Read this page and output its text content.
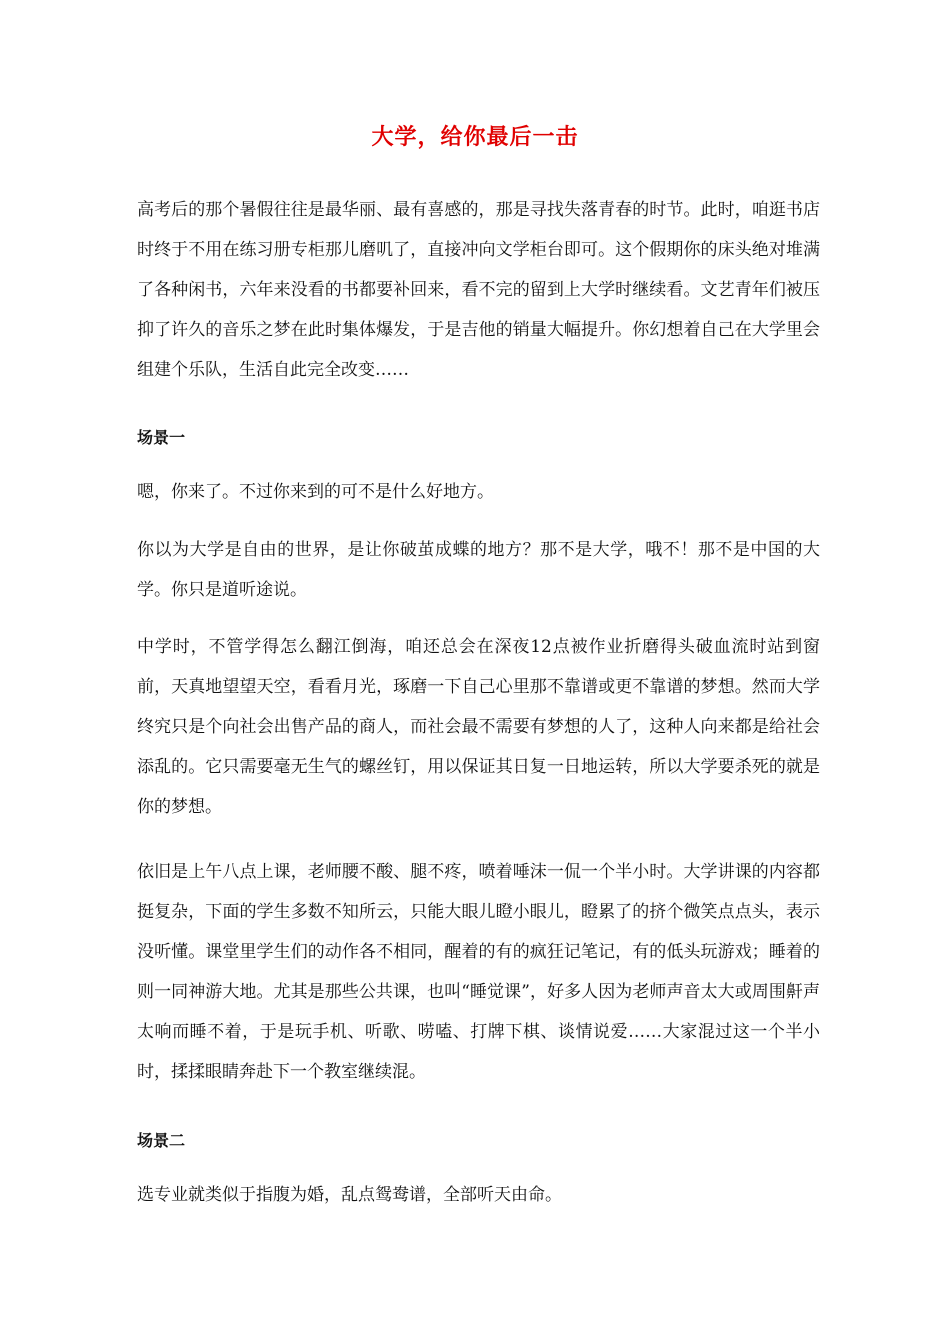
大学，给你最后一击

高考后的那个暑假往往是最华丽、最有喜感的，那是寻找失落青春的时节。此时，咱逛书店时终于不用在练习册专柜那儿磨叽了，直接冲向文学柜台即可。这个假期你的床头绝对堆满了各种闲书，六年来没看的书都要补回来，看不完的留到上大学时继续看。文艺青年们被压抑了许久的音乐之梦在此时集体爆发，于是吉他的销量大幅提升。你幻想着自己在大学里会组建个乐队，生活自此完全改变……

场景一

嗯，你来了。不过你来到的可不是什么好地方。

你以为大学是自由的世界，是让你破茧成蝶的地方？那不是大学，哦不！那不是中国的大学。你只是道听途说。

中学时，不管学得怎么翻江倒海，咱还总会在深夜12点被作业折磨得头破血流时站到窗前，天真地望望天空，看看月光，琢磨一下自己心里那不靠谱或更不靠谱的梦想。然而大学终究只是个向社会出售产品的商人，而社会最不需要有梦想的人了，这种人向来都是给社会添乱的。它只需要毫无生气的螺丝钉，用以保证其日复一日地运转，所以大学要杀死的就是你的梦想。

依旧是上午八点上课，老师腰不酸、腿不疼，喷着唾沫一侃一个半小时。大学讲课的内容都挺复杂，下面的学生多数不知所云，只能大眼儿瞪小眼儿，瞪累了的挤个微笑点点头，表示没听懂。课堂里学生们的动作各不相同，醒着的有的疯狂记笔记，有的低头玩游戏；睡着的则一同神游大地。尤其是那些公共课，也叫“睡觉课”，好多人因为老师声音太大或周围鼾声太响而睡不着，于是玩手机、听歌、唠嗑、打牌下棋、谈情说爱……大家混过这一个半小时，揉揉眼睛奔赴下一个教室继续混。

场景二

选专业就类似于指腹为婚，乱点鸳鸯谱，全部听天由命。
